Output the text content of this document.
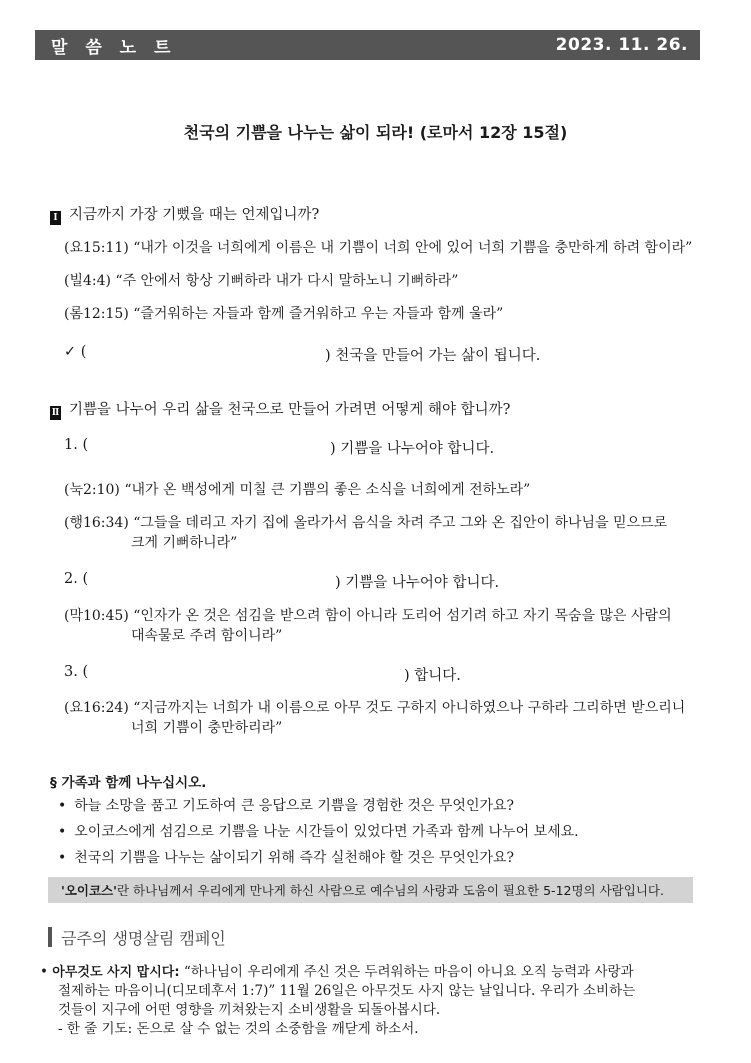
말 씀 노 트	2023. 11. 26.
천국의 기쁨을 나누는 삶이 되라! (로마서 12장 15절)
Ⅰ 지금까지 가장 기뻤을 때는 언제입니까?
(요15:11) “내가 이것을 너희에게 이름은 내 기쁨이 너희 안에 있어 너희 기쁨을 충만하게 하려 함이라”
(빌4:4) “주 안에서 항상 기뻐하라 내가 다시 말하노니 기뻐하라”
(롬12:15) “즐거워하는 자들과 함께 즐거워하고 우는 자들과 함께 울라”
✓ (	) 천국을 만들어 가는 삶이 됩니다.
Ⅱ 기쁨을 나누어 우리 삶을 천국으로 만들어 가려면 어떻게 해야 합니까?
1. (	) 기쁨을 나누어야 합니다.
(눅2:10) “내가 온 백성에게 미칠 큰 기쁨의 좋은 소식을 너희에게 전하노라”
(행16:34) “그들을 데리고 자기 집에 올라가서 음식을 차려 주고 그와 온 집안이 하나님을 믿으므로
크게 기뻐하니라”
2. (	) 기쁨을 나누어야 합니다.
(막10:45) “인자가 온 것은 섬김을 받으려 함이 아니라 도리어 섬기려 하고 자기 목숨을 많은 사람의
대속물로 주려 함이니라”
3. (	) 합니다.
(요16:24) “지금까지는 너희가 내 이름으로 아무 것도 구하지 아니하였으나 구하라 그리하면 받으리니
너희 기쁨이 충만하리라”
§ 가족과 함께 나누십시오.
• 하늘 소망을 품고 기도하여 큰 응답으로 기쁨을 경험한 것은 무엇인가요?
• 오이코스에게 섬김으로 기쁨을 나눈 시간들이 있었다면 가족과 함께 나누어 보세요.
• 천국의 기쁨을 나누는 삶이되기 위해 즉각 실천해야 할 것은 무엇인가요?
'오이코스' 란 하나님께서 우리에게 만나게 하신 사람으로 예수님의 사랑과 도움이 필요한 5-12명의 사람입니다.
금주의 생명살림 캠페인
• 아무것도 사지 맙시다: “하나님이 우리에게 주신 것은 두려워하는 마음이 아니요 오직 능력과 사랑과
절제하는 마음이니(디모데후서 1:7)” 11월 26일은 아무것도 사지 않는 날입니다. 우리가 소비하는
것들이 지구에 어떤 영향을 끼쳐왔는지 소비생활을 되돌아봅시다.
- 한 줄 기도: 돈으로 살 수 없는 것의 소중함을 깨닫게 하소서.
